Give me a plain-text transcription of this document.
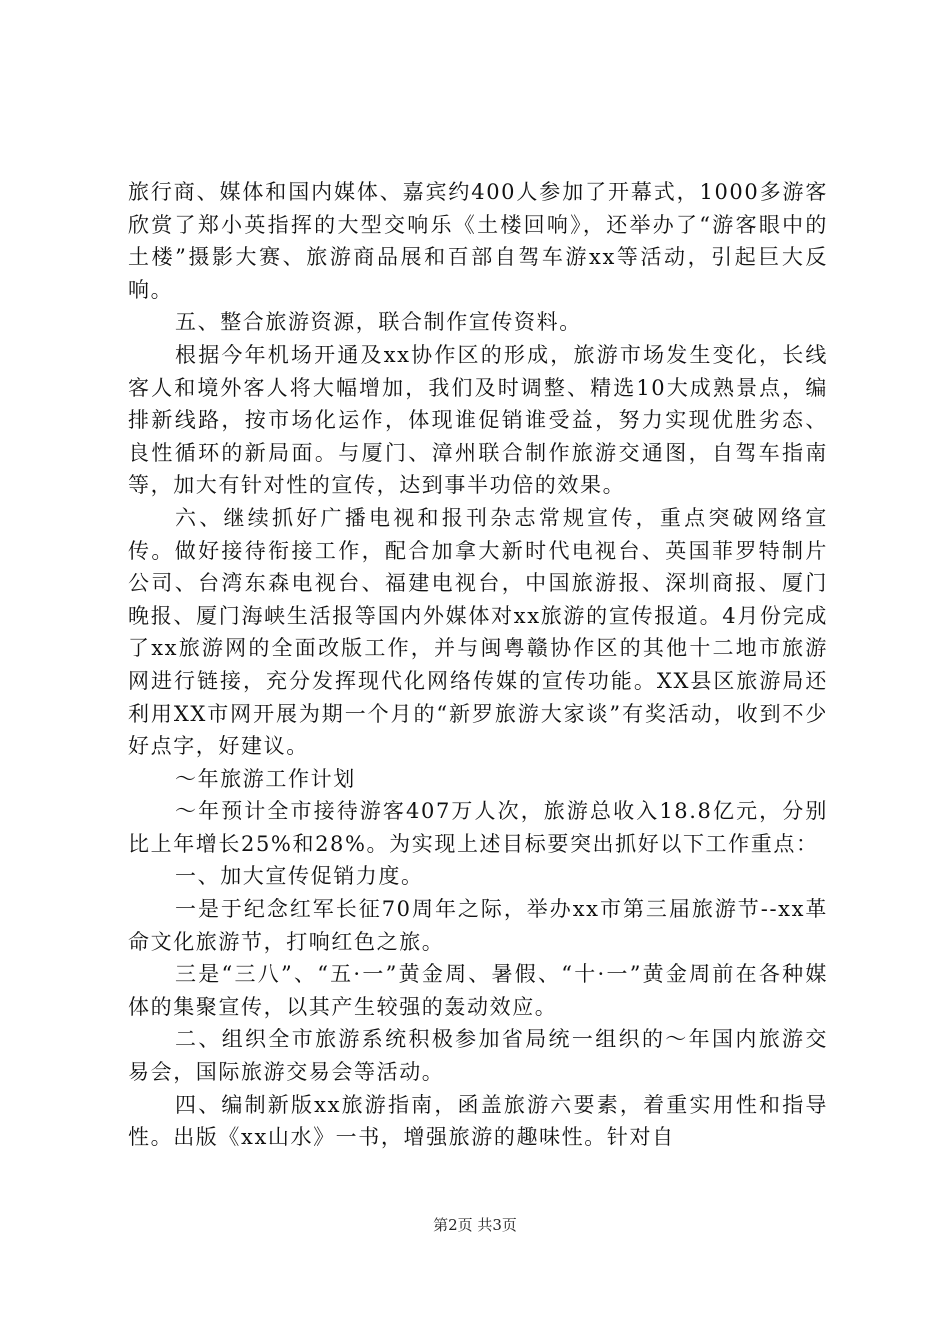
旅行商、媒体和国内媒体、嘉宾约400人参加了开幕式，1000多游客欣赏了郑小英指挥的大型交响乐《土楼回响》，还举办了“游客眼中的土楼”摄影大赛、旅游商品展和百部自驾车游xx等活动，引起巨大反响。

五、整合旅游资源，联合制作宣传资料。

根据今年机场开通及xx协作区的形成，旅游市场发生变化，长线客人和境外客人将大幅增加，我们及时调整、精选10大成熟景点，编排新线路，按市场化运作，体现谁促销谁受益，努力实现优胜劣态、良性循环的新局面。与厦门、漳州联合制作旅游交通图，自驾车指南等，加大有针对性的宣传，达到事半功倍的效果。

六、继续抓好广播电视和报刊杂志常规宣传，重点突破网络宣传。做好接待衔接工作，配合加拿大新时代电视台、英国菲罗特制片公司、台湾东森电视台、福建电视台，中国旅游报、深圳商报、厦门晚报、厦门海峡生活报等国内外媒体对xx旅游的宣传报道。4月份完成了xx旅游网的全面改版工作，并与闽粤赣协作区的其他十二地市旅游网进行链接，充分发挥现代化网络传媒的宣传功能。XX县区旅游局还利用XX市网开展为期一个月的“新罗旅游大家谈”有奖活动，收到不少好点字，好建议。

～年旅游工作计划

～年预计全市接待游客407万人次，旅游总收入18.8亿元，分别比上年增长25%和28%。为实现上述目标要突出抓好以下工作重点：

一、加大宣传促销力度。

一是于纪念红军长征70周年之际，举办xx市第三届旅游节--xx革命文化旅游节，打响红色之旅。

三是“三八”、“五·一”黄金周、暑假、“十·一”黄金周前在各种媒体的集聚宣传，以其产生较强的轰动效应。

二、组织全市旅游系统积极参加省局统一组织的～年国内旅游交易会，国际旅游交易会等活动。

四、编制新版xx旅游指南，函盖旅游六要素，着重实用性和指导性。出版《xx山水》一书，增强旅游的趣味性。针对自

第2页 共3页
